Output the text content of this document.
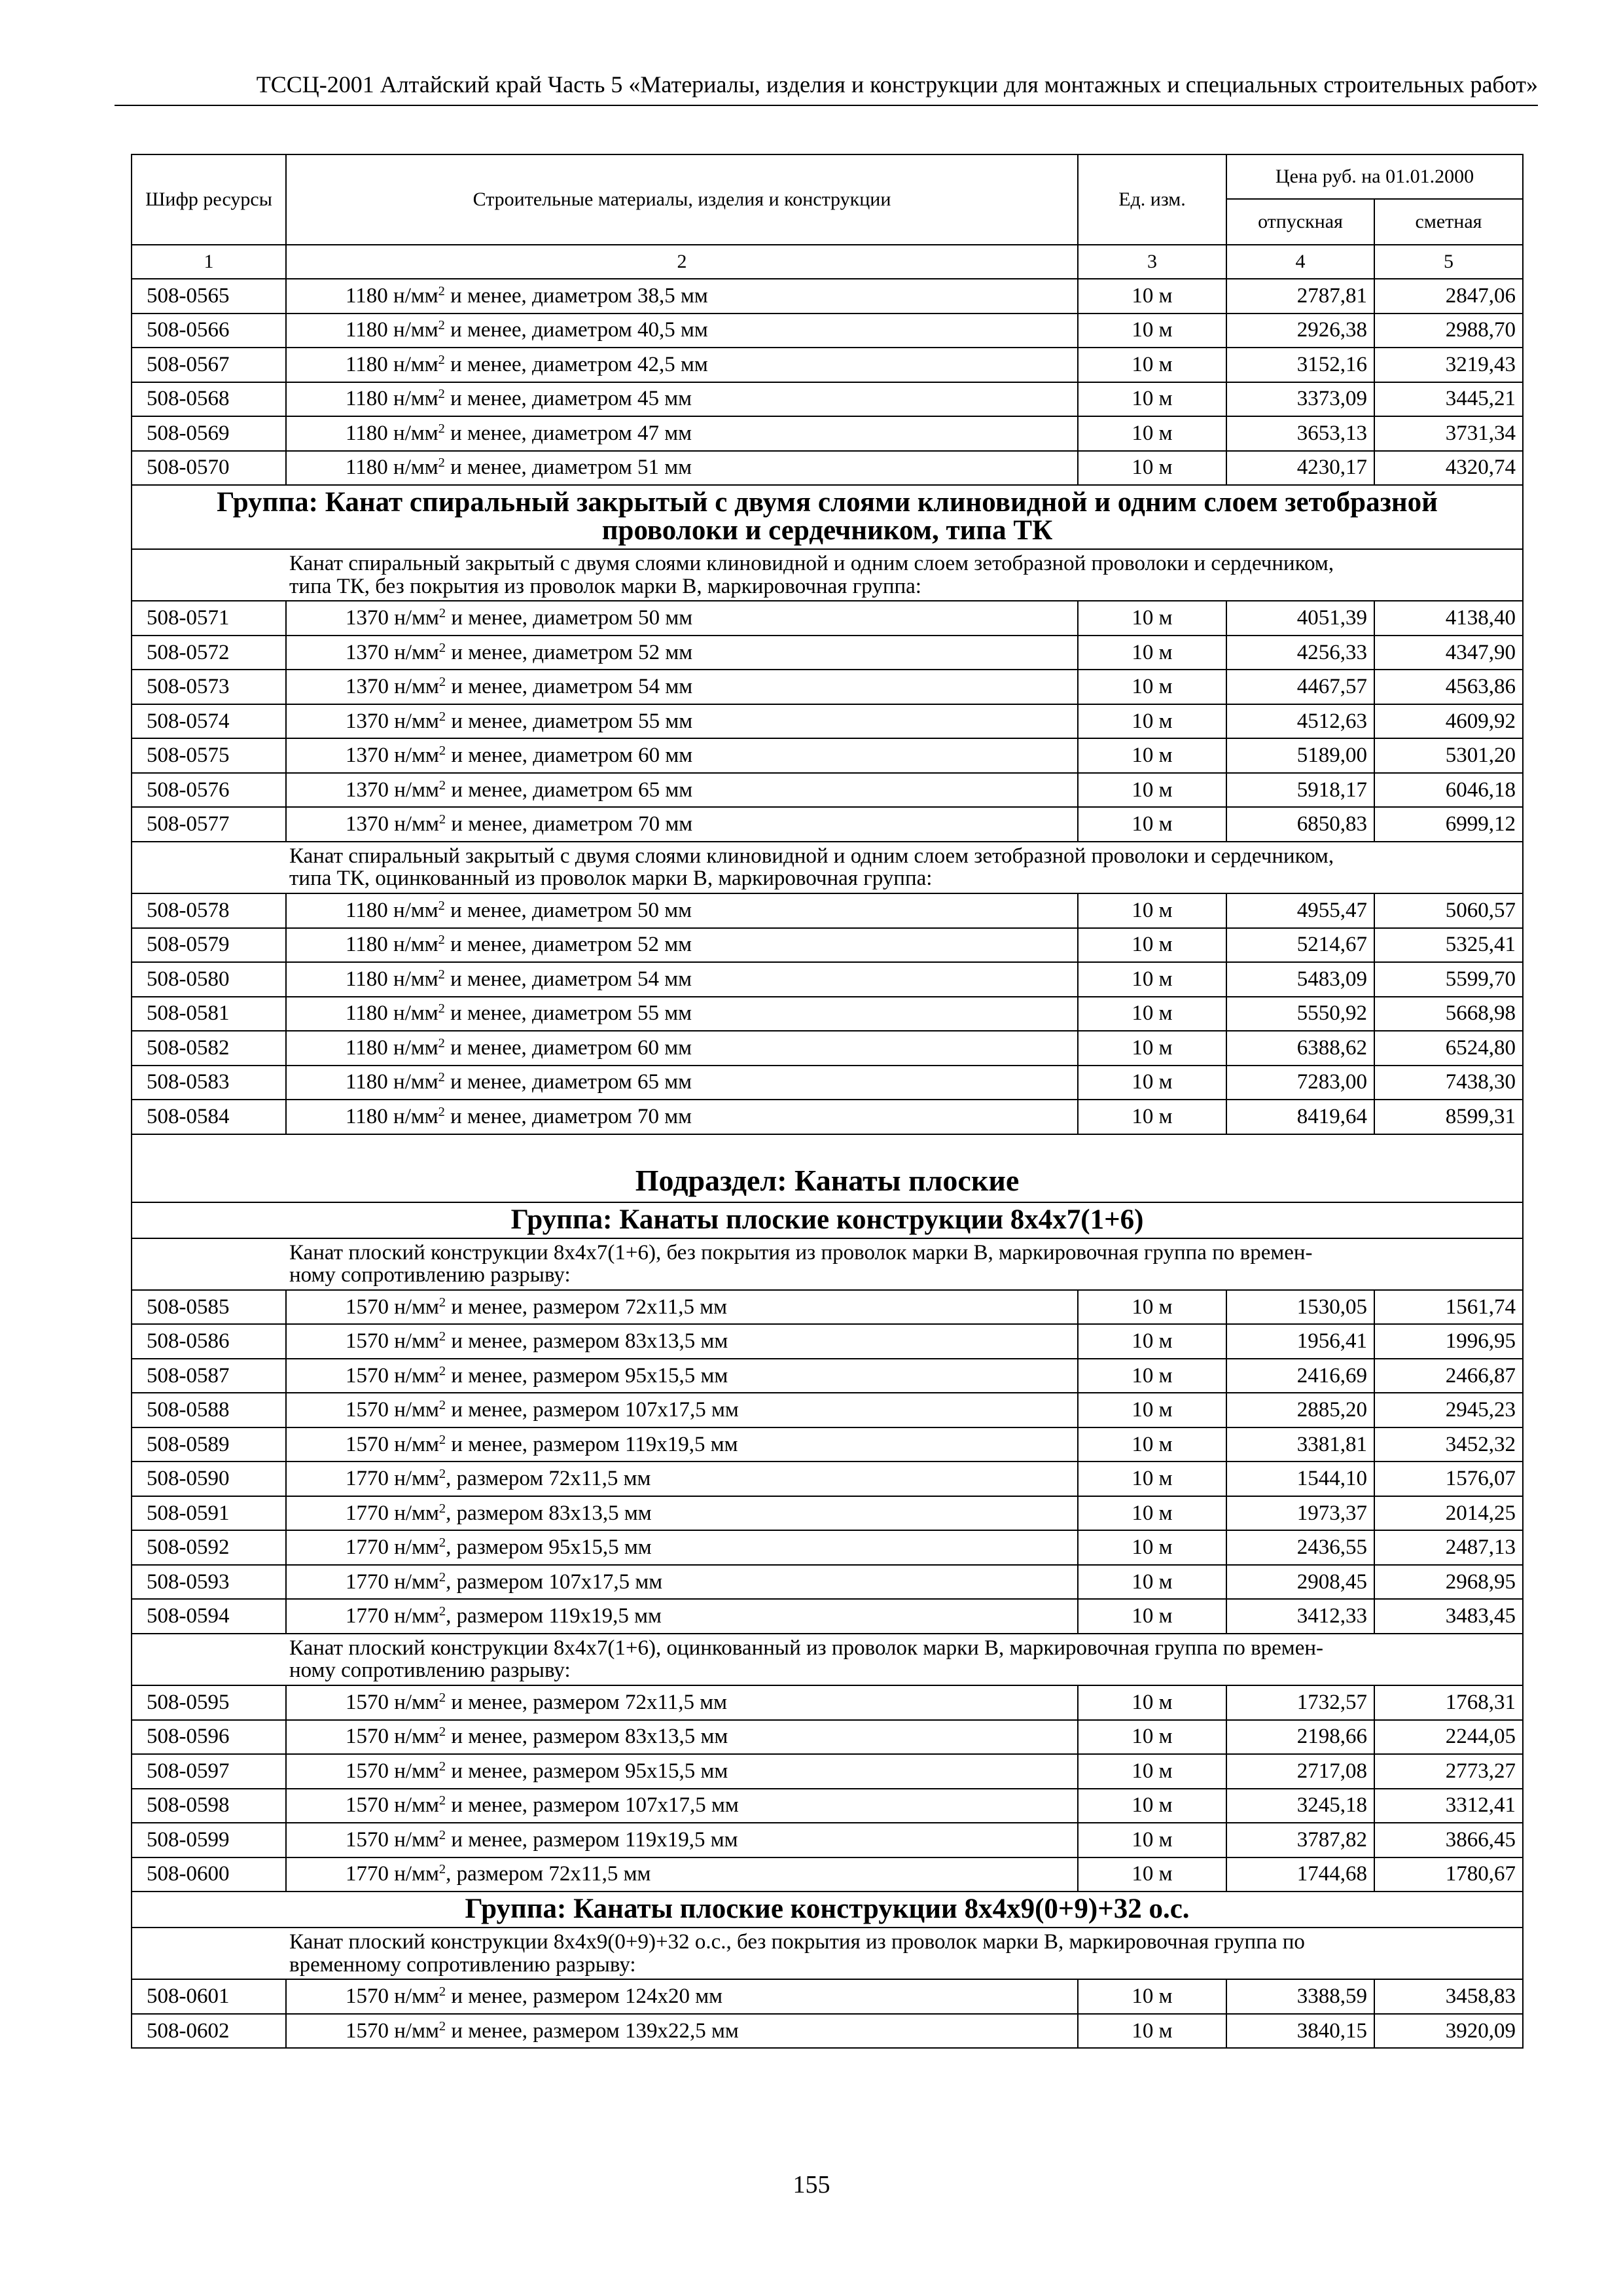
ТССЦ-2001 Алтайский край Часть 5 «Материалы, изделия и конструкции для монтажных и специальных строительных работ»
Шифр ресурсы	Строительные материалы, изделия и конструкции	Ед. изм.	Цена руб. на 01.01.2000	
			отпускная	сметная
1	2	3	4	5
508-0565	1180 $н/мм^2$ и менее, диаметром 38,5 мм	10 м	2787,81	2847,06
508-0566	1180 $н/мм^2$ и менее, диаметром 40,5 мм	10 м	2926,38	2988,70
508-0567	1180 $н/мм^2$ и менее, диаметром 42,5 мм	10 м	3152,16	3219,43
508-0568	1180 $н/мм^2$ и менее, диаметром 45 мм	10 м	3373,09	3445,21
508-0569	1180 $н/мм^2$ и менее, диаметром 47 мм	10 м	3653,13	3731,34
508-0570	1180 $н/мм^2$ и менее, диаметром 51 мм	10 м	4230,17	4320,74

Группа: Канат спиральный закрытый с двумя слоями клиновидной и одним слоем зетобразной
проволоки и сердечником, типа ТК				

Канат спиральный закрытый с двумя слоями клиновидной и одним слоем зетобразной проволоки и сердечником,
типа ТК, без покрытия из проволок марки В, маркировочная группа:				

508-0571	1370 $н/мм^2$ и менее, диаметром 50 мм	10 м	4051,39	4138,40
508-0572	1370 $н/мм^2$ и менее, диаметром 52 мм	10 м	4256,33	4347,90
508-0573	1370 $н/мм^2$ и менее, диаметром 54 мм	10 м	4467,57	4563,86
508-0574	1370 $н/мм^2$ и менее, диаметром 55 мм	10 м	4512,63	4609,92
508-0575	1370 $н/мм^2$ и менее, диаметром 60 мм	10 м	5189,00	5301,20
508-0576	1370 $н/мм^2$ и менее, диаметром 65 мм	10 м	5918,17	6046,18
508-0577	1370 $н/мм^2$ и менее, диаметром 70 мм	10 м	6850,83	6999,12

Канат спиральный закрытый с двумя слоями клиновидной и одним слоем зетобразной проволоки и сердечником,
типа ТК, оцинкованный из проволок марки В, маркировочная группа:				

508-0578	1180 $н/мм^2$ и менее, диаметром 50 мм	10 м	4955,47	5060,57
508-0579	1180 $н/мм^2$ и менее, диаметром 52 мм	10 м	5214,67	5325,41
508-0580	1180 $н/мм^2$ и менее, диаметром 54 мм	10 м	5483,09	5599,70
508-0581	1180 $н/мм^2$ и менее, диаметром 55 мм	10 м	5550,92	5668,98
508-0582	1180 $н/мм^2$ и менее, диаметром 60 мм	10 м	6388,62	6524,80
508-0583	1180 $н/мм^2$ и менее, диаметром 65 мм	10 м	7283,00	7438,30
508-0584	1180 $н/мм^2$ и менее, диаметром 70 мм	10 м	8419,64	8599,31
Подраздел: Канаты плоские				

Группа: Канаты плоские конструкции 8х4х7(1+6)				

Канат плоский конструкции 8х4х7(1+6), без покрытия из проволок марки В, маркировочная группа по времен-
ному сопротивлению разрыву:				

508-0585	1570 $н/мм^2$ и менее, размером 72х11,5 мм	10 м	1530,05	1561,74
508-0586	1570 $н/мм^2$ и менее, размером 83х13,5 мм	10 м	1956,41	1996,95
508-0587	1570 $н/мм^2$ и менее, размером 95х15,5 мм	10 м	2416,69	2466,87
508-0588	1570 $н/мм^2$ и менее, размером 107х17,5 мм	10 м	2885,20	2945,23
508-0589	1570 $н/мм^2$ и менее, размером 119х19,5 мм	10 м	3381,81	3452,32
508-0590	1770 $н/мм^2$, размером 72х11,5 мм	10 м	1544,10	1576,07
508-0591	1770 $н/мм^2$, размером 83х13,5 мм	10 м	1973,37	2014,25
508-0592	1770 $н/мм^2$, размером 95х15,5 мм	10 м	2436,55	2487,13
508-0593	1770 $н/мм^2$, размером 107х17,5 мм	10 м	2908,45	2968,95
508-0594	1770 $н/мм^2$, размером 119х19,5 мм	10 м	3412,33	3483,45

Канат плоский конструкции 8х4х7(1+6), оцинкованный из проволок марки В, маркировочная группа по времен-
ному сопротивлению разрыву:				

508-0595	1570 $н/мм^2$ и менее, размером 72х11,5 мм	10 м	1732,57	1768,31
508-0596	1570 $н/мм^2$ и менее, размером 83х13,5 мм	10 м	2198,66	2244,05
508-0597	1570 $н/мм^2$ и менее, размером 95х15,5 мм	10 м	2717,08	2773,27
508-0598	1570 $н/мм^2$ и менее, размером 107х17,5 мм	10 м	3245,18	3312,41
508-0599	1570 $н/мм^2$ и менее, размером 119х19,5 мм	10 м	3787,82	3866,45
508-0600	1770 $н/мм^2$, размером 72х11,5 мм	10 м	1744,68	1780,67

Группа: Канаты плоские конструкции 8х4х9(0+9)+32 о.с.				

Канат плоский конструкции 8х4х9(0+9)+32 о.с., без покрытия из проволок марки В, маркировочная группа по
временному сопротивлению разрыву:				

508-0601	1570 $н/мм^2$ и менее, размером 124х20 мм	10 м	3388,59	3458,83
508-0602	1570 $н/мм^2$ и менее, размером 139х22,5 мм	10 м	3840,15	3920,09
155
